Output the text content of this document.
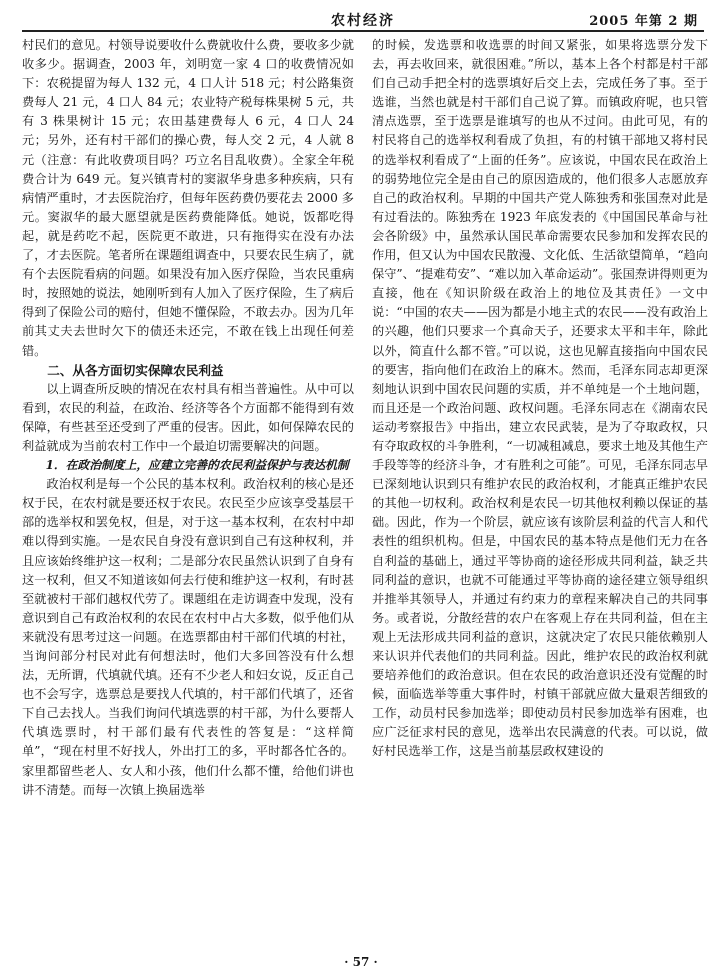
农村经济	2005 年第 2 期

村民们的意见。村领导说要收什么费就收什么费，要收多少就收多少。据调查，2003 年，刘明宽一家 4 口的收费情况如下：农税提留为每人 132 元，4 口人计 518 元；村公路集资费每人 21 元，4 口人 84 元；农业特产税每株果树 5 元，共有 3 株果树计 15 元；农田基建费每人 6 元，4 口人 24 元；另外，还有村干部们的操心费，每人交 2 元，4 人就 8 元（注意：有此收费项目吗？巧立名目乱收费）。全家全年税费合计为 649 元。复兴镇青村的窦淑华身患多种疾病，只有病情严重时，才去医院治疗，但每年医药费仍要花去 2000 多元。窦淑华的最大愿望就是医药费能降低。她说，饭都吃得起，就是药吃不起，医院更不敢进，只有拖得实在没有办法了，才去医院。笔者所在课题组调查中，只要农民生病了，就有个去医院看病的问题。如果没有加入医疗保险，当农民重病时，按照她的说法，她刚听到有人加入了医疗保险，生了病后得到了保险公司的赔付，但她不懂保险，不敢去办。因为几年前其丈夫去世时欠下的债还未还完，不敢在钱上出现任何差错。

二、从各方面切实保障农民利益

以上调查所反映的情况在农村具有相当普遍性。从中可以看到，农民的利益，在政治、经济等各个方面都不能得到有效保障，有些甚至还受到了严重的侵害。因此，如何保障农民的利益就成为当前农村工作中一个最迫切需要解决的问题。

1．在政治制度上，应建立完善的农民利益保护与表达机制

政治权利是每一个公民的基本权利。政治权利的核心是还权于民，在农村就是要还权于农民。农民至少应该享受基层干部的选举权和罢免权，但是，对于这一基本权利，在农村中却难以得到实施。一是农民自身没有意识到自己有这种权利，并且应该始终维护这一权利；二是部分农民虽然认识到了自身有这一权利，但又不知道该如何去行使和维护这一权利，有时甚至就被村干部们越权代劳了。课题组在走访调查中发现，没有意识到自己有政治权利的农民在农村中占大多数，似乎他们从来就没有思考过这一问题。在选票都由村干部们代填的村社，当询问部分村民对此有何想法时，他们大多回答没有什么想法，无所谓，代填就代填。还有不少老人和妇女说，反正自己也不会写字，选票总是要找人代填的，村干部们代填了，还省下自己去找人。当我们询问代填选票的村干部，为什么要帮人代填选票时，村干部们最有代表性的答复是：“这样简单”，“现在村里不好找人，外出打工的多，平时都各忙各的。家里都留些老人、女人和小孩，他们什么都不懂，给他们讲也讲不清楚。而每一次镇上换届选举

的时候，发选票和收选票的时间又紧张，如果将选票分发下去，再去收回来，就很困难。”所以，基本上各个村都是村干部们自己动手把全村的选票填好后交上去，完成任务了事。至于选谁，当然也就是村干部们自己说了算。而镇政府呢，也只管清点选票，至于选票是谁填写的也从不过问。由此可见，有的村民将自己的选举权利看成了负担，有的村镇干部地又将村民的选举权利看成了“上面的任务”。应该说，中国农民在政治上的弱势地位完全是由自己的原因造成的，他们很多人志愿放弃自己的政治权利。早期的中国共产党人陈独秀和张国焘对此是有过看法的。陈独秀在 1923 年底发表的《中国国民革命与社会各阶级》中，虽然承认国民革命需要农民参加和发挥农民的作用，但又认为中国农民散漫、文化低、生活欲望简单，“趋向保守”、“提难苟安”、“难以加入革命运动”。张国焘讲得则更为直接，他在《知识阶级在政治上的地位及其责任》一文中说：“中国的农夫——因为都是小地主式的农民——没有政治上的兴趣，他们只要求一个真命天子，还要求太平和丰年，除此以外，简直什么都不管。”可以说，这也见解直接指向中国农民的要害，指向他们在政治上的麻木。然而，毛泽东同志却更深刻地认识到中国农民问题的实质，并不单纯是一个土地问题，而且还是一个政治问题、政权问题。毛泽东同志在《湖南农民运动考察报告》中指出，建立农民武装，是为了夺取政权，只有夺取政权的斗争胜利，“一切减租减息，要求土地及其他生产手段等等的经济斗争，才有胜利之可能”。可见，毛泽东同志早已深刻地认识到只有维护农民的政治权利，才能真正维护农民的其他一切权利。政治权利是农民一切其他权利赖以保证的基础。因此，作为一个阶层，就应该有该阶层利益的代言人和代表性的组织机构。但是，中国农民的基本特点是他们无力在各自利益的基础上，通过平等协商的途径形成共同利益，缺乏共同利益的意识，也就不可能通过平等协商的途径建立领导组织并推举其领导人，并通过有约束力的章程来解决自己的共同事务。或者说，分散经营的农户在客观上存在共同利益，但在主观上无法形成共同利益的意识，这就决定了农民只能依赖别人来认识并代表他们的共同利益。因此，维护农民的政治权利就要培养他们的政治意识。但在农民的政治意识还没有觉醒的时候，面临选举等重大事件时，村镇干部就应做大量艰苦细致的工作，动员村民参加选举；即使动员村民参加选举有困难，也应广泛征求村民的意见，选举出农民满意的代表。可以说，做好村民选举工作，这是当前基层政权建设的

· 57 ·
